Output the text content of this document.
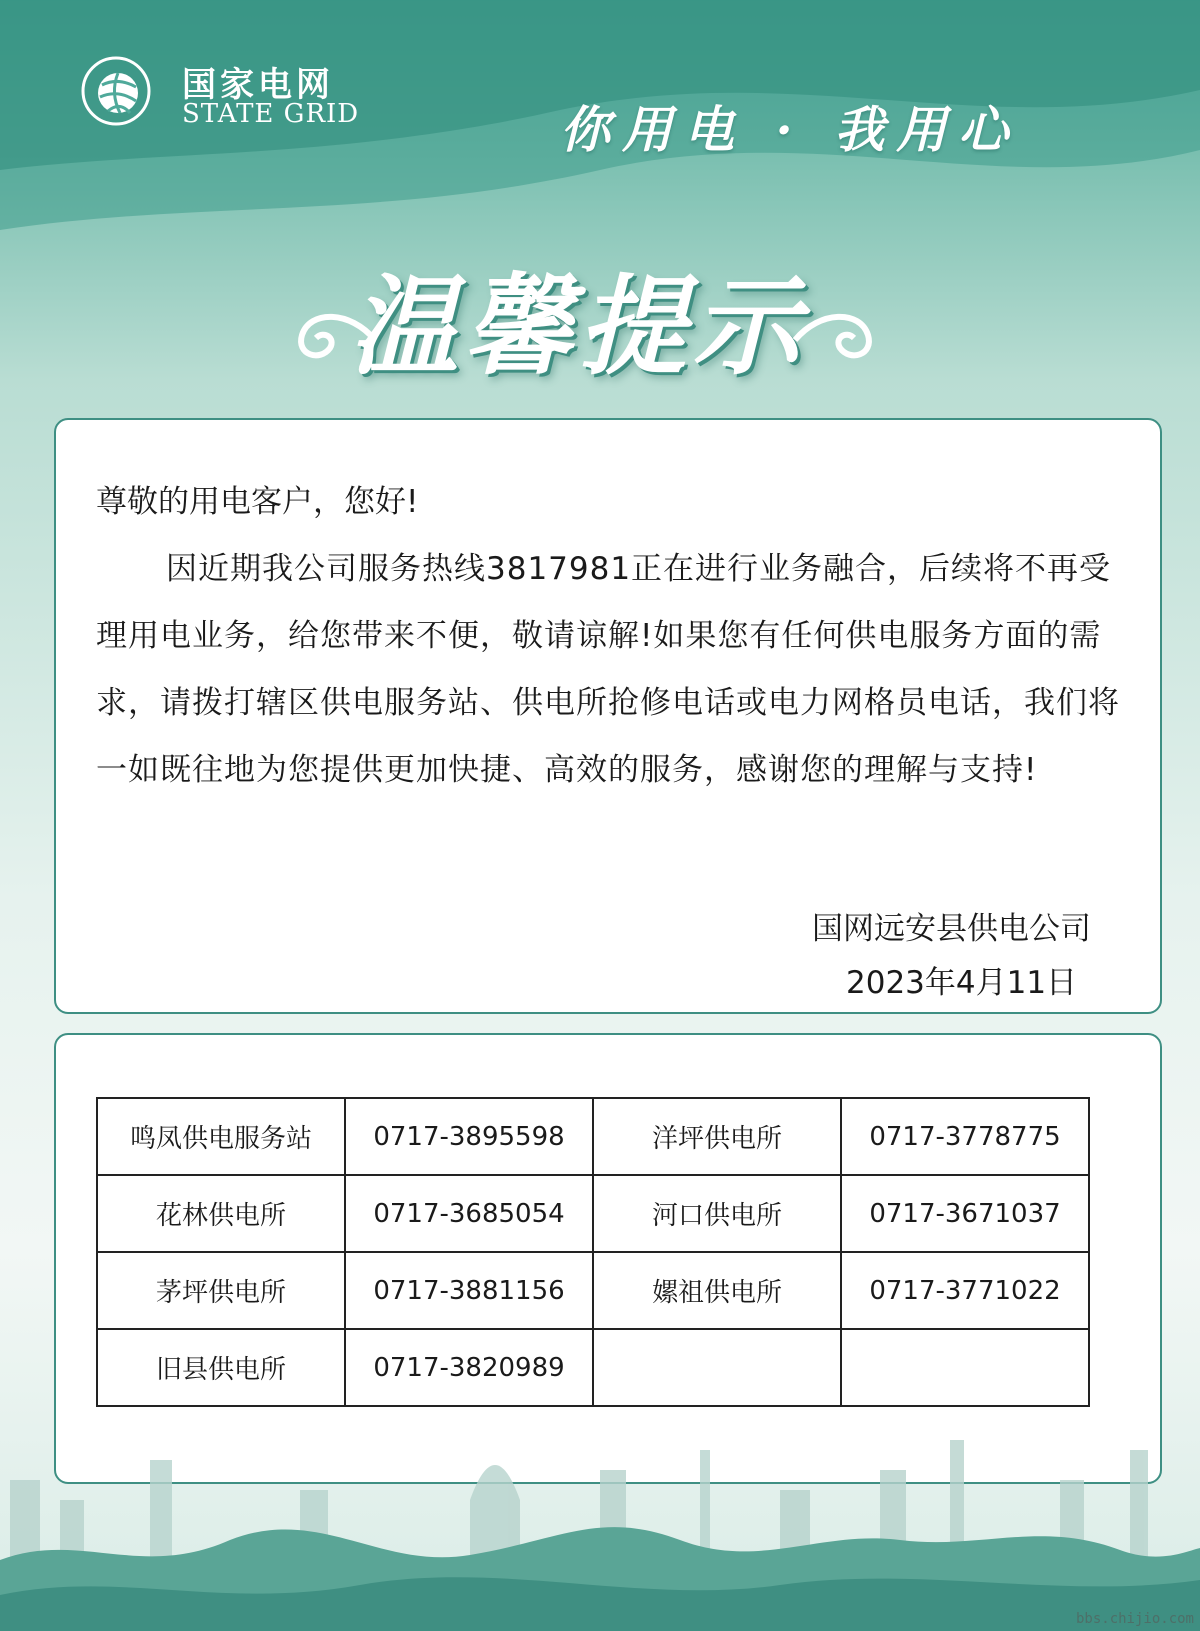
国家电网
STATE GRID	你用电 · 我用心
温馨提示
尊敬的用电客户，您好!
因近期我公司服务热线3817981正在进行业务融合，后续将不再受理用电业务，给您带来不便，敬请谅解!如果您有任何供电服务方面的需求，请拨打辖区供电服务站、供电所抢修电话或电力网格员电话，我们将一如既往地为您提供更加快捷、高效的服务，感谢您的理解与支持!
国网远安县供电公司
2023年4月11日
鸣凤供电服务站	0717-3895598	洋坪供电所	0717-3778775
花林供电所	0717-3685054	河口供电所	0717-3671037
茅坪供电所	0717-3881156	嫘祖供电所	0717-3771022
旧县供电所	0717-3820989		
bbs.chijio.com
